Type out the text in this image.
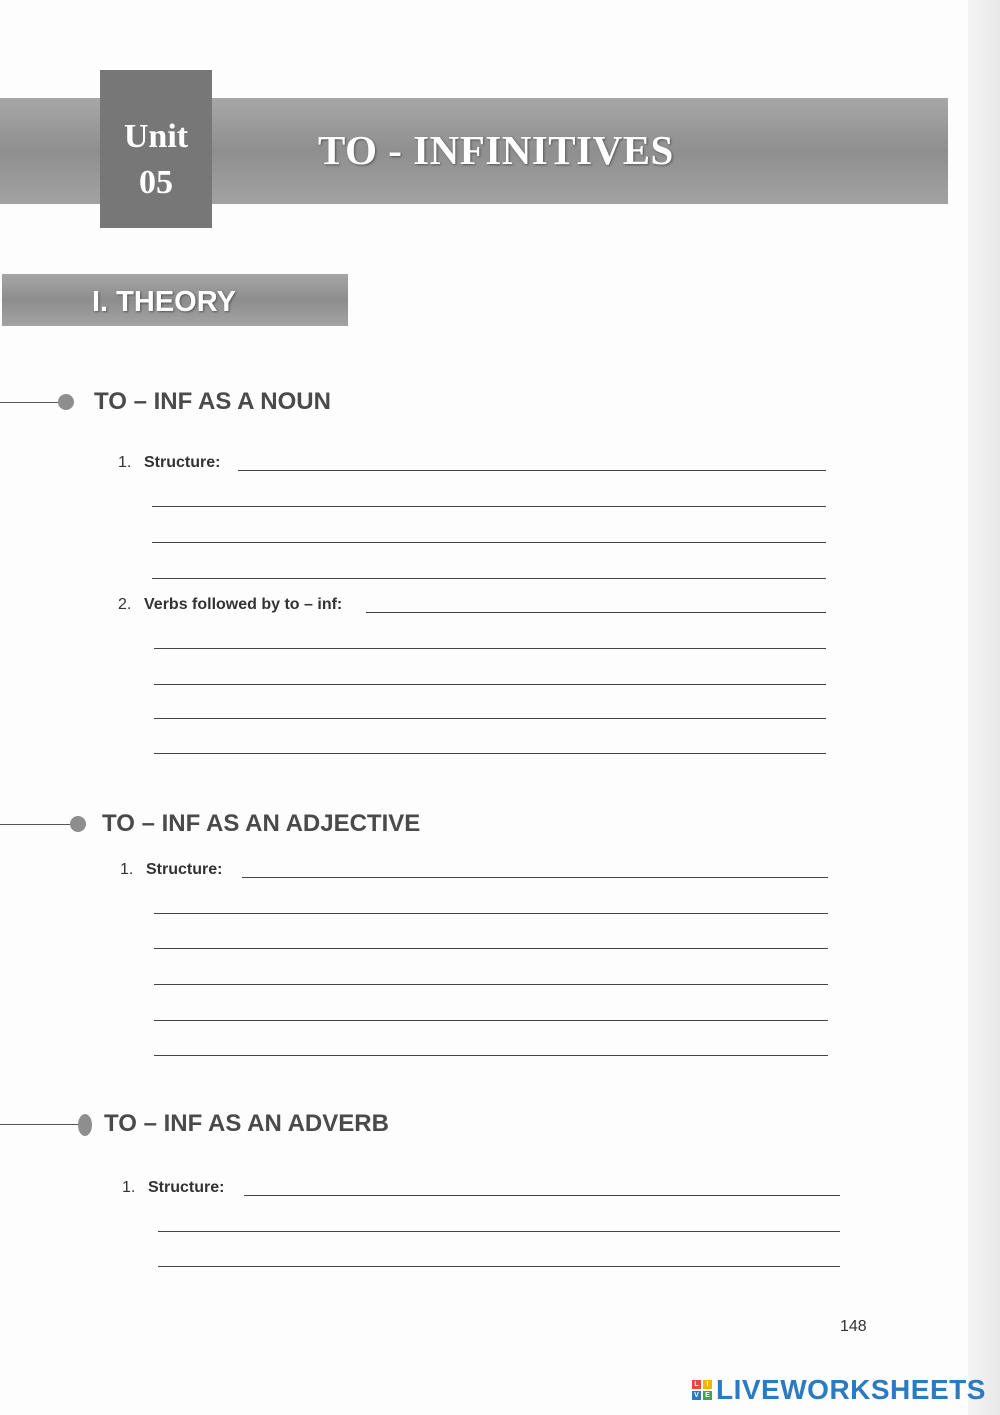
Unit
05
TO - INFINITIVES
I. THEORY
TO – INF AS A NOUN
1. Structure:
2. Verbs followed by to – inf:
TO – INF AS AN ADJECTIVE
1. Structure:
TO – INF AS AN ADVERB
1. Structure:
148
L	I
V E LIVEWORKSHEETS
